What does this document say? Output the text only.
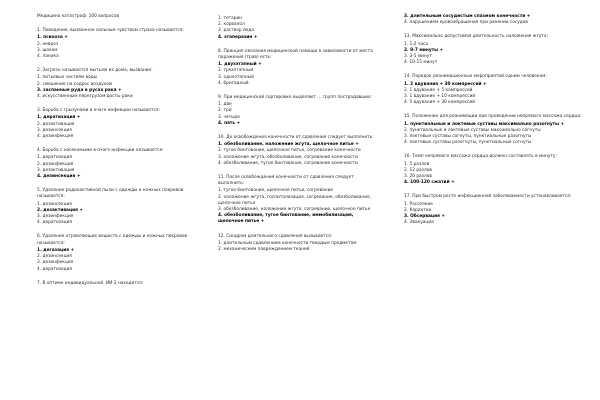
Медицина катастроф. 100 вопросов
1. Поведение, вызванное сильным чувством страха называется:
1. психоза +
2. невроз
3. шоком
4. паника
2. Загрязн называется мытьем их дома, вызвание:
1. питьевых частиям воды
2. смешение на содрос воздухом
3. заспанные руда в русах рака +
4. искусственным перегрузом досты раки
3. Борьба с грызунами в очаге инфекции называется:
1. дератизация +
2. дезактивация
3. дезинсекция
4. дезинфекция
4. Борьба с насекомыми в очаге инфекции называется:
1. дератизация
2. дезинфекция
3. дезактивация
4. дезинсекция +
5. Удаление радиоактивной пыли с одежды и кожных покровов называется:
1. дезинсекция
2. дезактивация +
3. дезинфекция
4. дератизация
6. Удаление отравляющих веществ с одежды и кожных покровов называется:
1. дегазация +
2. дезинсекция
3. дезинфекция
4. дератизация
7. В оптиме индивидуальной. ИИ-2 находится:
1. тетарин
2. корвалол
3. раствор йода
4. этаперазин +
8. Принцип оказания медицинской помощи в зависимости от места поражения (трав) есть:
1. двухэтапный +
2. трехэтапный
3. одноэтапный
4. бригадный
9. При медицинской сортировке выделяют ... групп пострадавших:
1. две
2. три
3. четыре
4. пять +
10. До освобождения конечности от сдавления следует выполнить:
1. обезболивание, наложение жгута, щелочное питье +
2. тугое бинтование, щелочное питье, согревание конечности
3. наложение жгута, обезболивание, согревание конечности
4. обезболивание, тугое бинтование, согревание конечности
11. После освобождения конечности от сдавления следует выполнить:
1. тугое бинтование, щелочное питье, согревание
2. наложение жгута, госпитализация, согревание, обезболивание, щелочное питье
3. обезболивание, наложение жгута, согревание, щелочное питье
4. обезболивание, тугое бинтование, иммобилизация, щелочное питье +
12. Синдром длительного сдавления вызывается:
1. длительным сдавлением конечности твердым предметом
2. механическим повреждением тканей
3. длительным сосудистым спазмом конечности +
4. нарушением кровообращения при ранении сосудов
13. Максимально допустимая длительность наложения жгута:
1. 1-2 часа
2. 8-7 минуты +
3. 3-5 минут
4. 10-15 минут
14. Порядок реанимационных мероприятий одним человеком:
1. 2 вдувания + 30 компрессий +
2. 1 вдувание + 5 компрессий
3. 1 вдувание + 10 компрессий
4. 5 вдувания + 30 компрессий
15. Положение для реанимации при проведении непрямого массажа сердца:
1. пунктиальные и локтевые суставы максимально разогнуты +
2. пунктиальные и локтевые суставы максимально согнуты
3. локтевые суставы согнуты, пунктиальные разогнуты
4. локтевые суставы разогнуты, пунктиальные согнуты
16. Темп непрямого массажа сердца должен составлять в минуту:
1. 5 разлов
2. 12 разлов
3. 20 разлов
4. 100-120 сжатий +
17. При быстром росте инфекционной заболеваемости устанавливается:
1. Рассеяние
2. Карантин
3. Обсервация +
4. Эвакуация
